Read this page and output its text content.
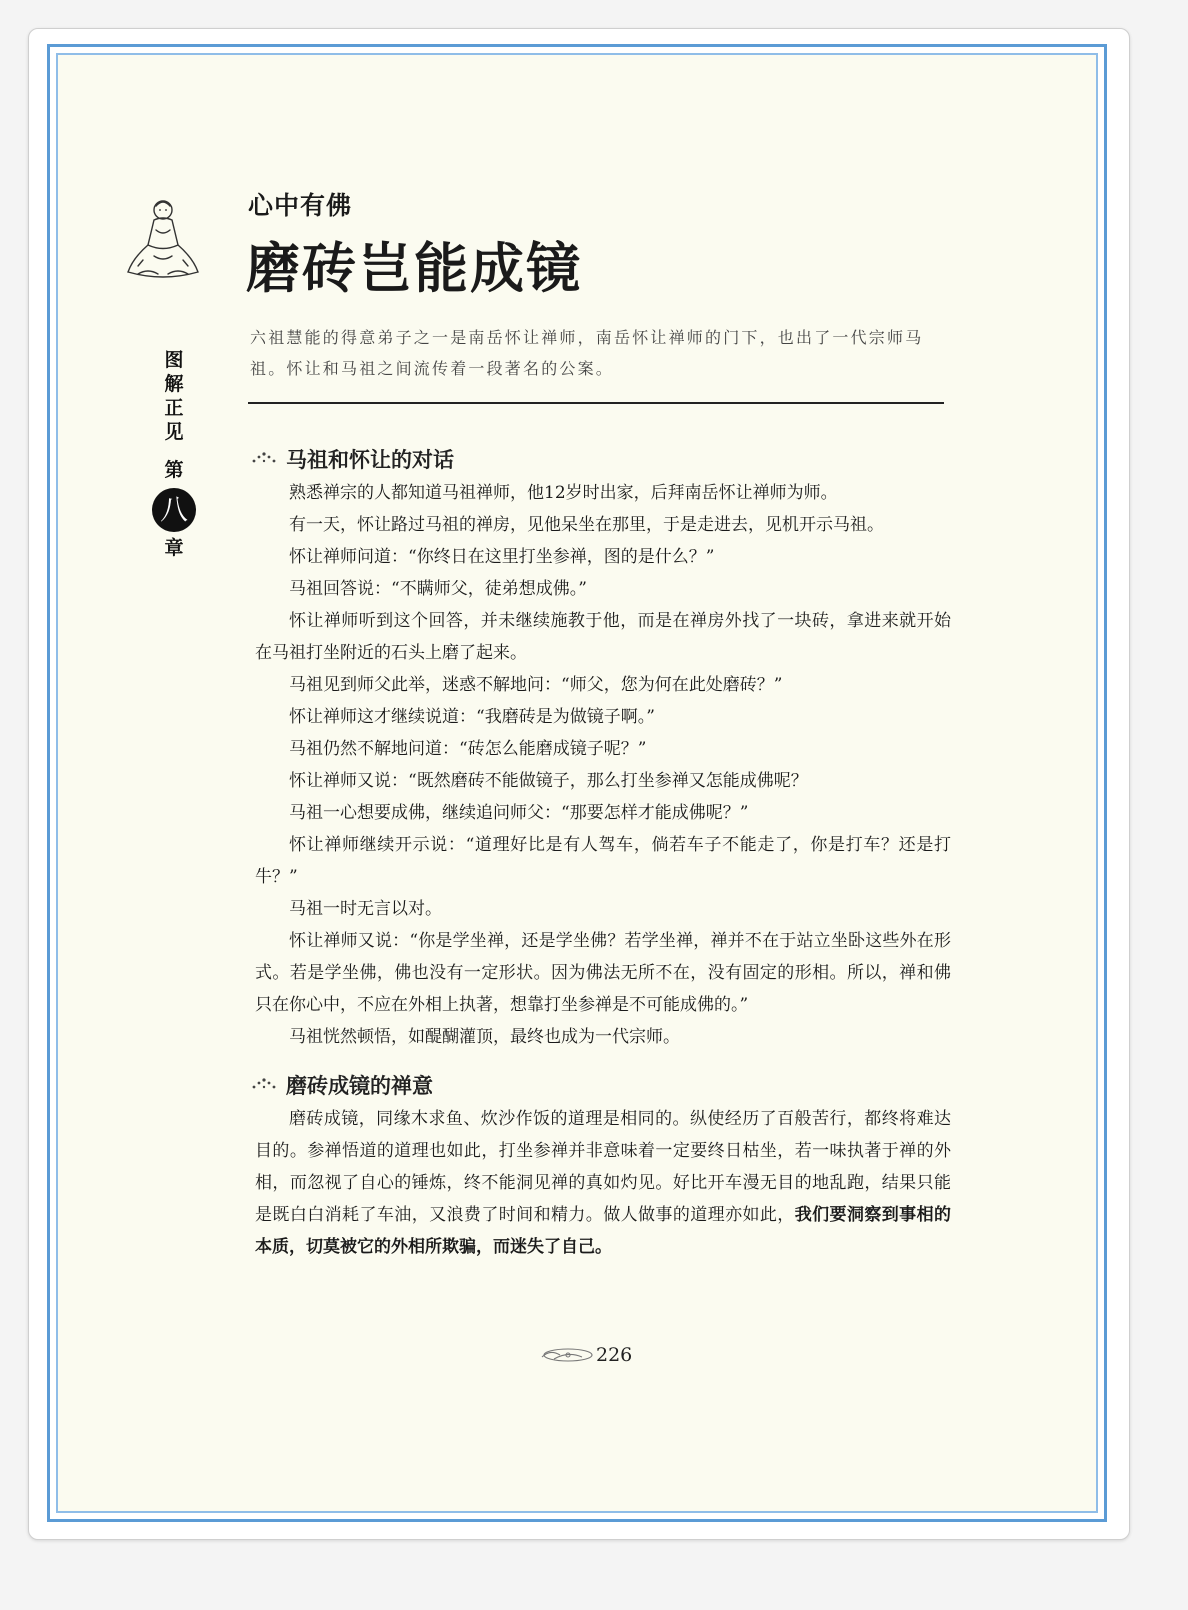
图
解
正
见
第
八
章
心中有佛
磨砖岂能成镜
六祖慧能的得意弟子之一是南岳怀让禅师，南岳怀让禅师的门下，也出了一代宗师马祖。怀让和马祖之间流传着一段著名的公案。
马祖和怀让的对话

熟悉禅宗的人都知道马祖禅师，他12岁时出家，后拜南岳怀让禅师为师。

有一天，怀让路过马祖的禅房，见他呆坐在那里，于是走进去，见机开示马祖。

怀让禅师问道：“你终日在这里打坐参禅，图的是什么？”

马祖回答说：“不瞒师父，徒弟想成佛。”

怀让禅师听到这个回答，并未继续施教于他，而是在禅房外找了一块砖，拿进来就开始在马祖打坐附近的石头上磨了起来。

马祖见到师父此举，迷惑不解地问：“师父，您为何在此处磨砖？”

怀让禅师这才继续说道：“我磨砖是为做镜子啊。”

马祖仍然不解地问道：“砖怎么能磨成镜子呢？”

怀让禅师又说：“既然磨砖不能做镜子，那么打坐参禅又怎能成佛呢？

马祖一心想要成佛，继续追问师父：“那要怎样才能成佛呢？”

怀让禅师继续开示说：“道理好比是有人驾车，倘若车子不能走了，你是打车？还是打牛？”

马祖一时无言以对。

怀让禅师又说：“你是学坐禅，还是学坐佛？若学坐禅，禅并不在于站立坐卧这些外在形式。若是学坐佛，佛也没有一定形状。因为佛法无所不在，没有固定的形相。所以，禅和佛只在你心中，不应在外相上执著，想靠打坐参禅是不可能成佛的。”

马祖恍然顿悟，如醍醐灌顶，最终也成为一代宗师。

磨砖成镜的禅意

磨砖成镜，同缘木求鱼、炊沙作饭的道理是相同的。纵使经历了百般苦行，都终将难达目的。参禅悟道的道理也如此，打坐参禅并非意味着一定要终日枯坐，若一味执著于禅的外相，而忽视了自心的锤炼，终不能洞见禅的真如灼见。好比开车漫无目的地乱跑，结果只能是既白白消耗了车油，又浪费了时间和精力。做人做事的道理亦如此，我们要洞察到事相的本质，切莫被它的外相所欺骗，而迷失了自己。

226
